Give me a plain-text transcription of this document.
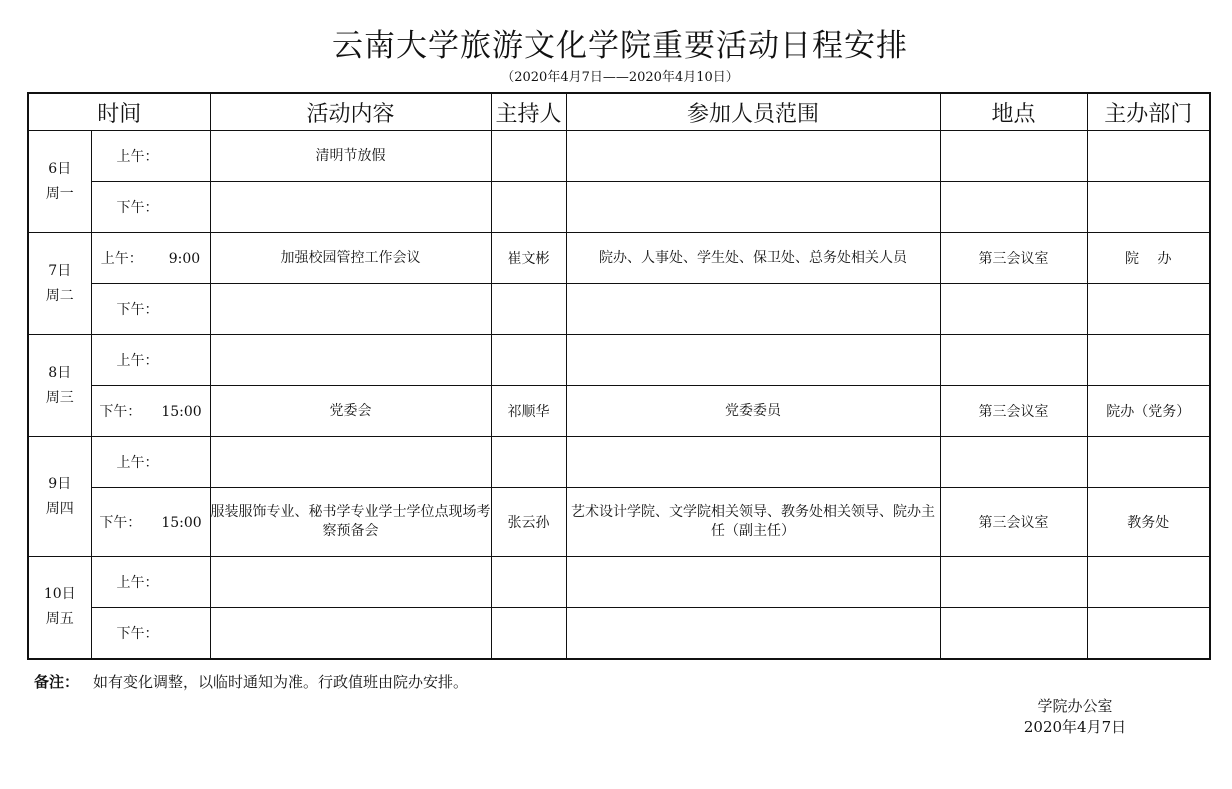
云南大学旅游文化学院重要活动日程安排
（2020年4月7日——2020年4月10日）
时间		活动内容	主持人	参加人员范围	地点	主办部门

6日
周一	上午：	清明节放假				
	下午：					

7日
周二	上午： 9:00	加强校园管控工作会议	崔文彬	院办、人事处、学生处、保卫处、总务处相关人员	第三会议室	院　 办
	下午：					

8日
周三	上午：					
	下午： 15:00	党委会	祁顺华	党委委员	第三会议室	院办（党务）

9日
周四	上午：					
	下午： 15:00	服装服饰专业、秘书学专业学士学位点现场考察预备会	张云孙	艺术设计学院、文学院相关领导、教务处相关领导、院办主任（副主任）	第三会议室	教务处

10日
周五	上午：					
	下午：					
备注： 如有变化调整，以临时通知为准。行政值班由院办安排。
学院办公室
2020年4月7日
